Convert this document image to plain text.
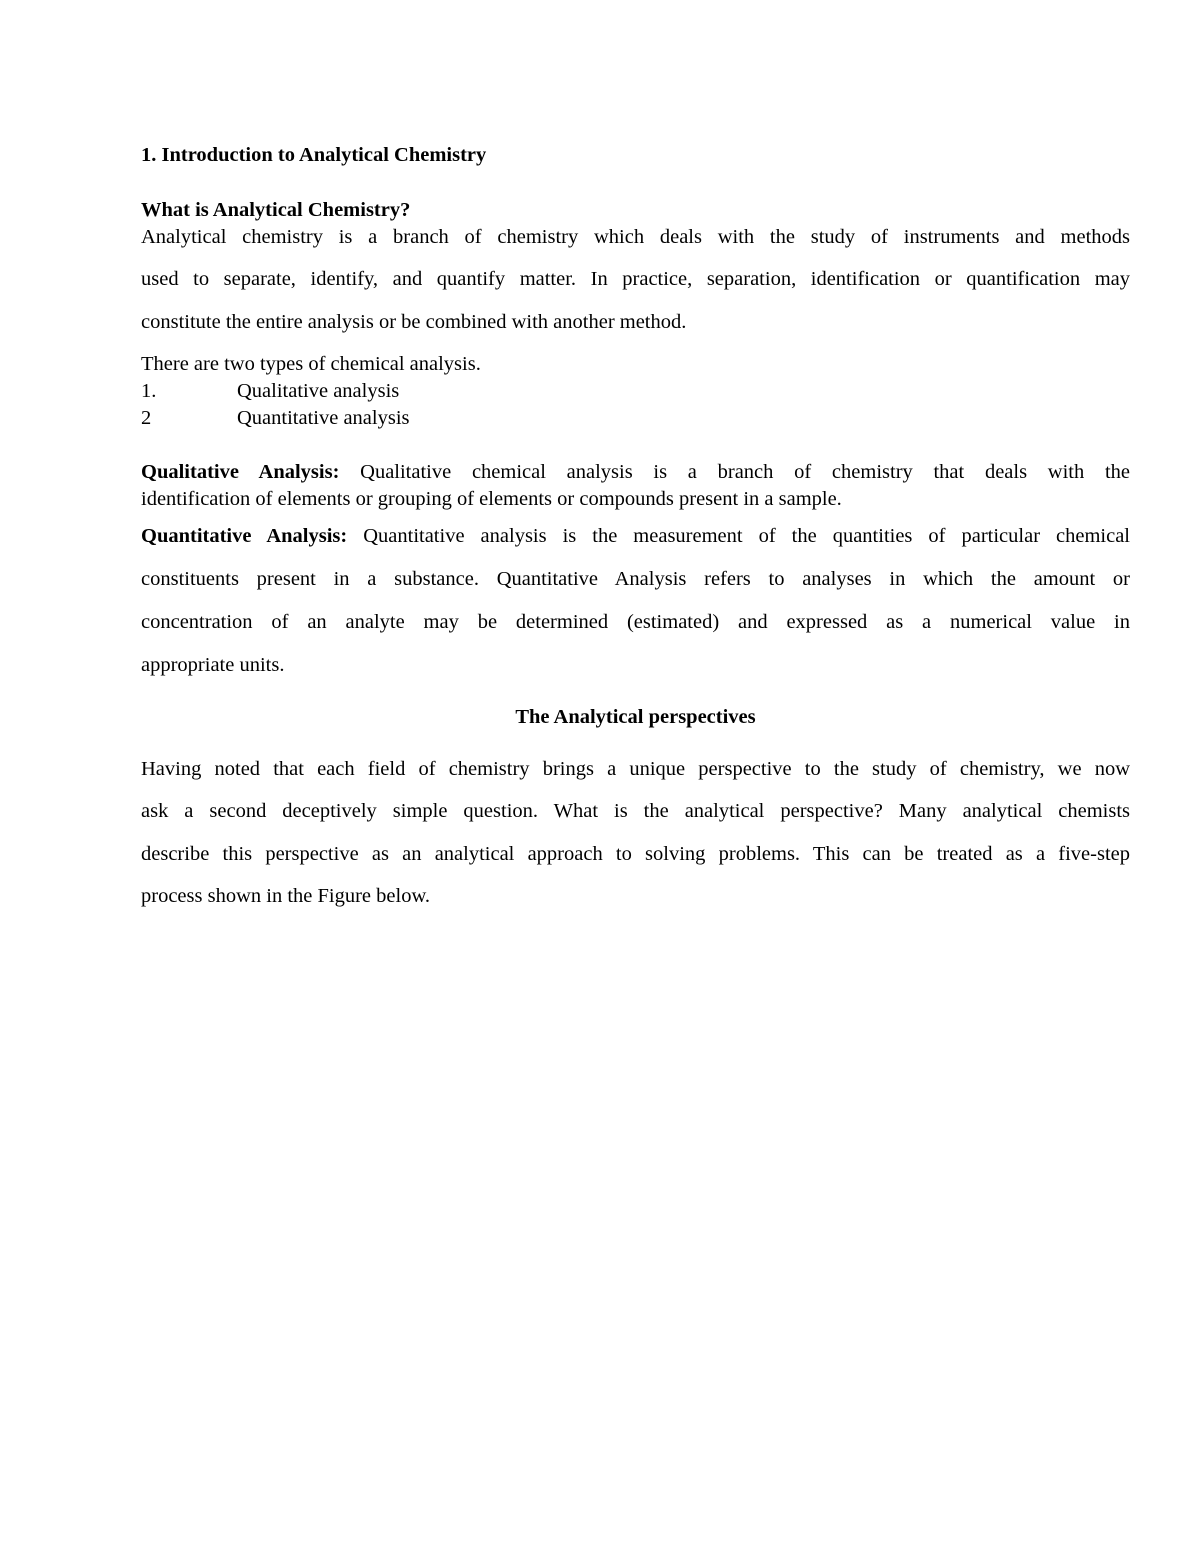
1. Introduction to Analytical Chemistry
What is Analytical Chemistry?
Analytical chemistry is a branch of chemistry which deals with the study of instruments and methods
used to separate, identify, and quantify matter. In practice, separation, identification or quantification may
constitute the entire analysis or be combined with another method.
There are two types of chemical analysis.
1.	Qualitative analysis
2	Quantitative analysis
Qualitative Analysis: Qualitative chemical analysis is a branch of chemistry that deals with the
identification of elements or grouping of elements or compounds present in a sample.
Quantitative Analysis: Quantitative analysis is the measurement of the quantities of particular chemical
constituents present in a substance. Quantitative Analysis refers to analyses in which the amount or
concentration of an analyte may be determined (estimated) and expressed as a numerical value in
appropriate units.
The Analytical perspectives
Having noted that each field of chemistry brings a unique perspective to the study of chemistry, we now
ask a second deceptively simple question. What is the analytical perspective? Many analytical chemists
describe this perspective as an analytical approach to solving problems. This can be treated as a five-step
process shown in the Figure below.
